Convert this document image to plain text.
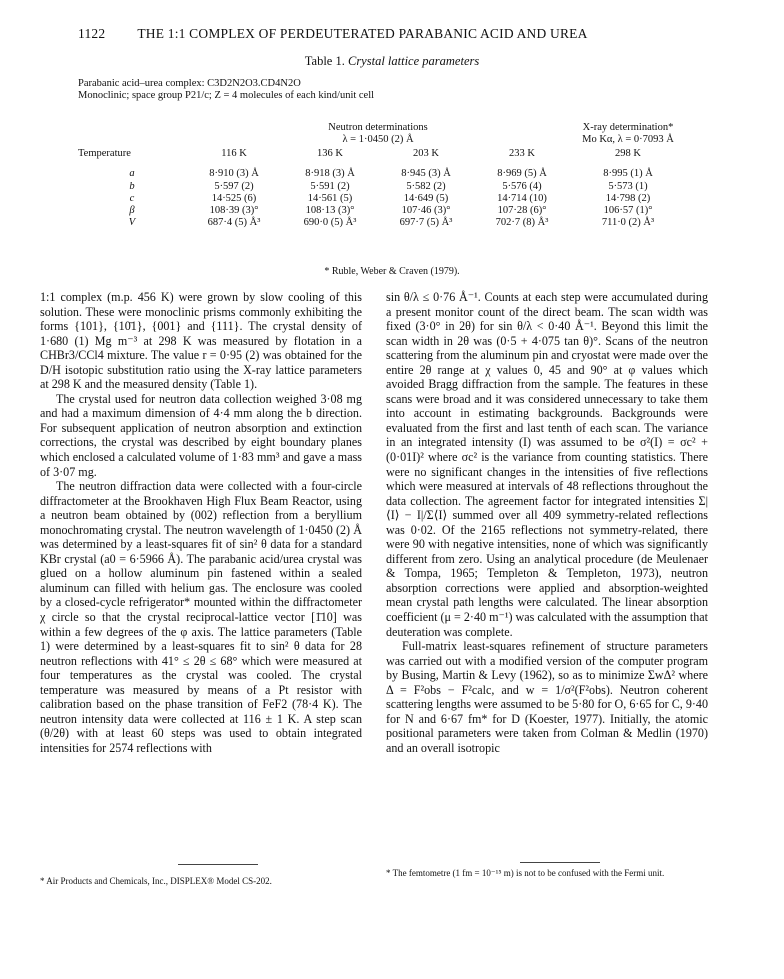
1122 THE 1:1 COMPLEX OF PERDEUTERATED PARABANIC ACID AND UREA
Table 1. Crystal lattice parameters
Parabanic acid–urea complex: C3D2N2O3.CD4N2O
Monoclinic; space group P21/c; Z = 4 molecules of each kind/unit cell
		Neutron determinations			X-ray determination*
		λ = 1·0450 (2) Å			Mo Kα, λ = 0·7093 Å
Temperature	116 K	136 K	203 K	233 K	298 K

a	8·910 (3) Å	8·918 (3) Å	8·945 (3) Å	8·969 (5) Å	8·995 (1) Å
b	5·597 (2)	5·591 (2)	5·582 (2)	5·576 (4)	5·573 (1)
c	14·525 (6)	14·561 (5)	14·649 (5)	14·714 (10)	14·798 (2)
β	108·39 (3)°	108·13 (3)°	107·46 (3)°	107·28 (6)°	106·57 (1)°
V	687·4 (5) Å³	690·0 (5) Å³	697·7 (5) Å³	702·7 (8) Å³	711·0 (2) Å³
* Ruble, Weber & Craven (1979).

1:1 complex (m.p. 456 K) were grown by slow cooling of this solution. These were monoclinic prisms commonly exhibiting the forms {101}, {10̄1}, {001} and {111}. The crystal density of 1·680 (1) Mg m⁻³ at 298 K was measured by flotation in a CHBr3/CCl4 mixture. The value r = 0·95 (2) was obtained for the D/H isotopic substitution ratio using the X-ray lattice parameters at 298 K and the measured density (Table 1).

The crystal used for neutron data collection weighed 3·08 mg and had a maximum dimension of 4·4 mm along the b direction. For subsequent application of neutron absorption and extinction corrections, the crystal was described by eight boundary planes which enclosed a calculated volume of 1·83 mm³ and gave a mass of 3·07 mg.

The neutron diffraction data were collected with a four-circle diffractometer at the Brookhaven High Flux Beam Reactor, using a neutron beam obtained by (002) reflection from a beryllium monochromating crystal. The neutron wavelength of 1·0450 (2) Å was determined by a least-squares fit of sin² θ data for a standard KBr crystal (a0 = 6·5966 Å). The parabanic acid/urea crystal was glued on a hollow aluminum pin fastened within a sealed aluminum can filled with helium gas. The enclosure was cooled by a closed-cycle refrigerator* mounted within the diffractometer χ circle so that the crystal reciprocal-lattice vector [1̄10] was within a few degrees of the φ axis. The lattice parameters (Table 1) were determined by a least-squares fit to sin² θ data for 28 neutron reflections with 41° ≤ 2θ ≤ 68° which were measured at four temperatures as the crystal was cooled. The crystal temperature was measured by means of a Pt resistor with calibration based on the phase transition of FeF2 (78·4 K). The neutron intensity data were collected at 116 ± 1 K. A step scan (θ/2θ) with at least 60 steps was used to obtain integrated intensities for 2574 reflections with

sin θ/λ ≤ 0·76 Å⁻¹. Counts at each step were accumulated during a present monitor count of the direct beam. The scan width was fixed (3·0° in 2θ) for sin θ/λ < 0·40 Å⁻¹. Beyond this limit the scan width in 2θ was (0·5 + 4·075 tan θ)°. Scans of the neutron scattering from the aluminum pin and cryostat were made over the entire 2θ range at χ values 0, 45 and 90° at φ values which avoided Bragg diffraction from the sample. The features in these scans were broad and it was considered unnecessary to take them into account in estimating backgrounds. Backgrounds were evaluated from the first and last tenth of each scan. The variance in an integrated intensity (I) was assumed to be σ²(I) = σc² + (0·01I)² where σc² is the variance from counting statistics. There were no significant changes in the intensities of five reflections which were measured at intervals of 48 reflections throughout the data collection. The agreement factor for integrated intensities Σ|⟨I⟩ − I|/Σ⟨I⟩ summed over all 409 symmetry-related reflections was 0·02. Of the 2165 reflections not symmetry-related, there were 90 with negative intensities, none of which was significantly different from zero. Using an analytical procedure (de Meulenaer & Tompa, 1965; Templeton & Templeton, 1973), neutron absorption corrections were applied and absorption-weighted mean crystal path lengths were calculated. The linear absorption coefficient (μ = 2·40 m⁻¹) was calculated with the assumption that deuteration was complete.

Full-matrix least-squares refinement of structure parameters was carried out with a modified version of the computer program by Busing, Martin & Levy (1962), so as to minimize ΣwΔ² where Δ = F²obs − F²calc, and w = 1/σ²(F²obs). Neutron coherent scattering lengths were assumed to be 5·80 for O, 6·65 for C, 9·40 for N and 6·67 fm* for D (Koester, 1977). Initially, the atomic positional parameters were taken from Colman & Medlin (1970) and an overall isotropic

* Air Products and Chemicals, Inc., DISPLEX® Model CS-202.
* The femtometre (1 fm = 10⁻¹⁵ m) is not to be confused with the Fermi unit.
